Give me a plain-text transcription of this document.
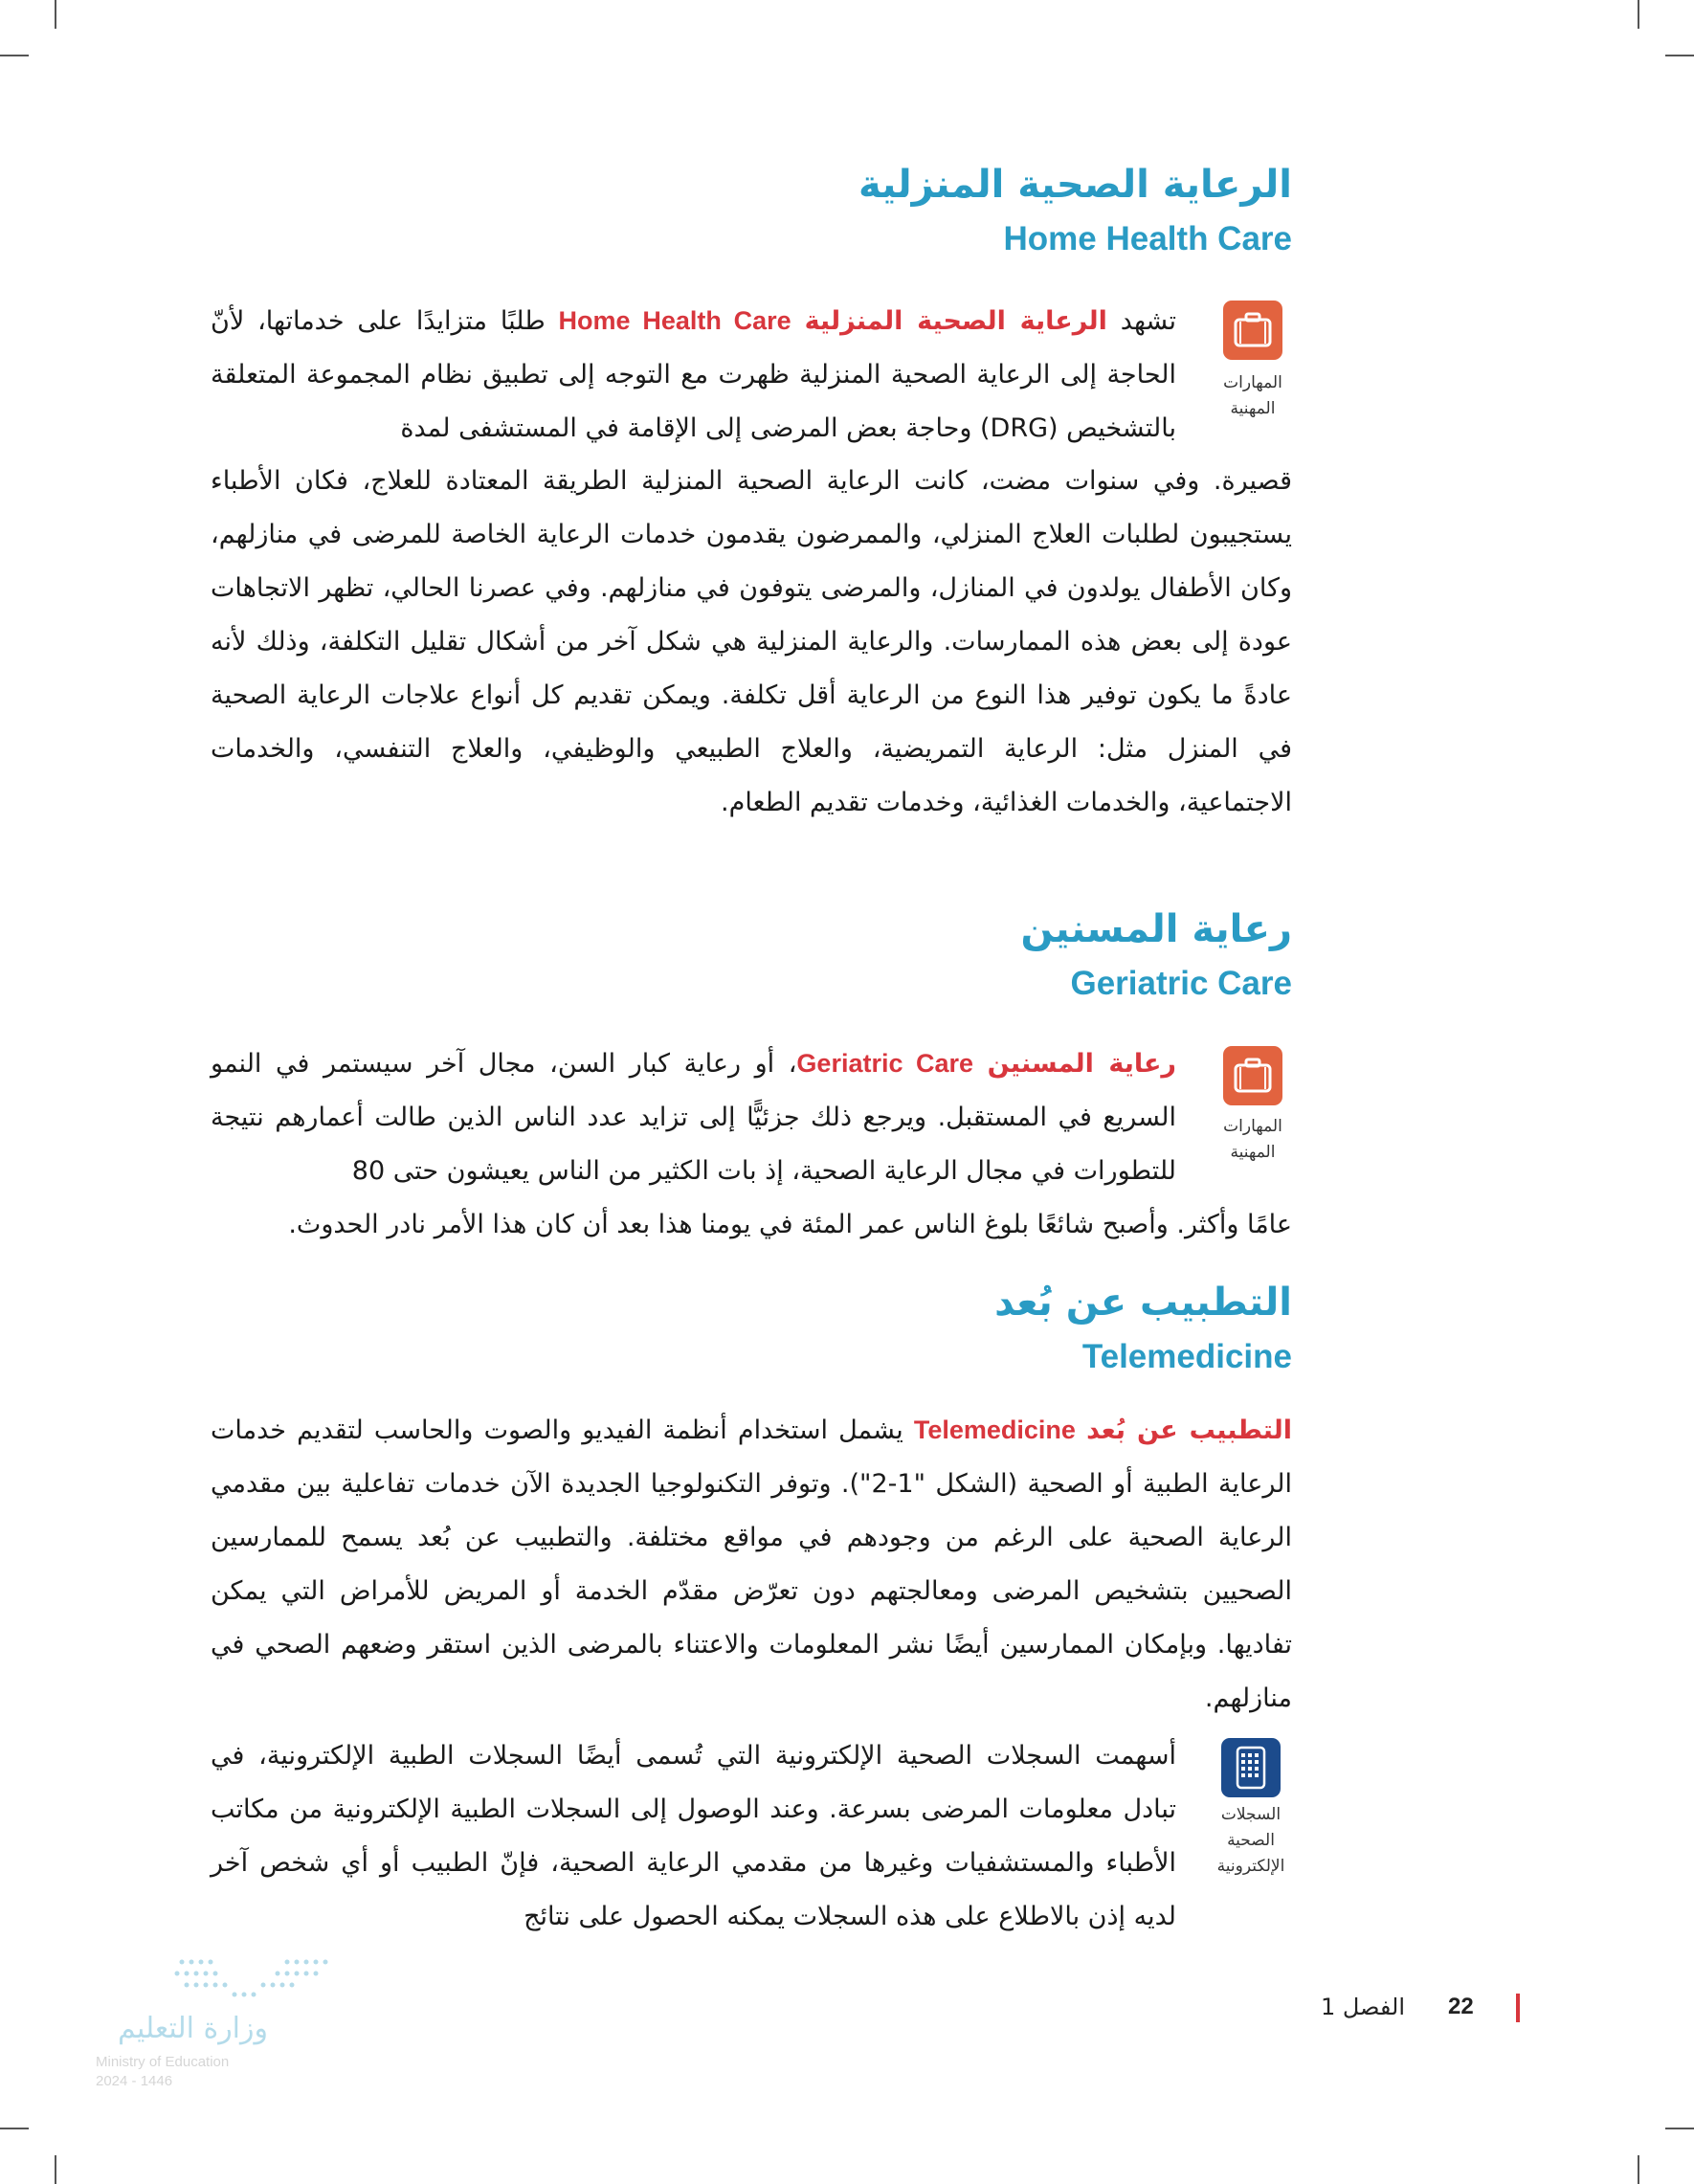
الرعاية الصحية المنزلية
Home Health Care
المهارات
المهنية

تشهد الرعاية الصحية المنزلية Home Health Care طلبًا متزايدًا على خدماتها، لأنّ الحاجة إلى الرعاية الصحية المنزلية ظهرت مع التوجه إلى تطبيق نظام المجموعة المتعلقة بالتشخيص (DRG) وحاجة بعض المرضى إلى الإقامة في المستشفى لمدة

قصيرة. وفي سنوات مضت، كانت الرعاية الصحية المنزلية الطريقة المعتادة للعلاج، فكان الأطباء يستجيبون لطلبات العلاج المنزلي، والممرضون يقدمون خدمات الرعاية الخاصة للمرضى في منازلهم، وكان الأطفال يولدون في المنازل، والمرضى يتوفون في منازلهم. وفي عصرنا الحالي، تظهر الاتجاهات عودة إلى بعض هذه الممارسات. والرعاية المنزلية هي شكل آخر من أشكال تقليل التكلفة، وذلك لأنه عادةً ما يكون توفير هذا النوع من الرعاية أقل تكلفة. ويمكن تقديم كل أنواع علاجات الرعاية الصحية في المنزل مثل: الرعاية التمريضية، والعلاج الطبيعي والوظيفي، والعلاج التنفسي، والخدمات الاجتماعية، والخدمات الغذائية، وخدمات تقديم الطعام.

رعاية المسنين
Geriatric Care
المهارات
المهنية

رعاية المسنين Geriatric Care، أو رعاية كبار السن، مجال آخر سيستمر في النمو السريع في المستقبل. ويرجع ذلك جزئيًّا إلى تزايد عدد الناس الذين طالت أعمارهم نتيجة للتطورات في مجال الرعاية الصحية، إذ بات الكثير من الناس يعيشون حتى 80

عامًا وأكثر. وأصبح شائعًا بلوغ الناس عمر المئة في يومنا هذا بعد أن كان هذا الأمر نادر الحدوث.

التطبيب عن بُعد
Telemedicine

التطبيب عن بُعد Telemedicine يشمل استخدام أنظمة الفيديو والصوت والحاسب لتقديم خدمات الرعاية الطبية أو الصحية (الشكل "1-2"). وتوفر التكنولوجيا الجديدة الآن خدمات تفاعلية بين مقدمي الرعاية الصحية على الرغم من وجودهم في مواقع مختلفة. والتطبيب عن بُعد يسمح للممارسين الصحيين بتشخيص المرضى ومعالجتهم دون تعرّض مقدّم الخدمة أو المريض للأمراض التي يمكن تفاديها. وبإمكان الممارسين أيضًا نشر المعلومات والاعتناء بالمرضى الذين استقر وضعهم الصحي في منازلهم.

السجلات
الصحية
الإلكترونية

أسهمت السجلات الصحية الإلكترونية التي تُسمى أيضًا السجلات الطبية الإلكترونية، في تبادل معلومات المرضى بسرعة. وعند الوصول إلى السجلات الطبية الإلكترونية من مكاتب الأطباء والمستشفيات وغيرها من مقدمي الرعاية الصحية، فإنّ الطبيب أو أي شخص آخر لديه إذن بالاطلاع على هذه السجلات يمكنه الحصول على نتائج

22
الفصل 1
وزارة التعليم
Ministry of Education
2024 - 1446
